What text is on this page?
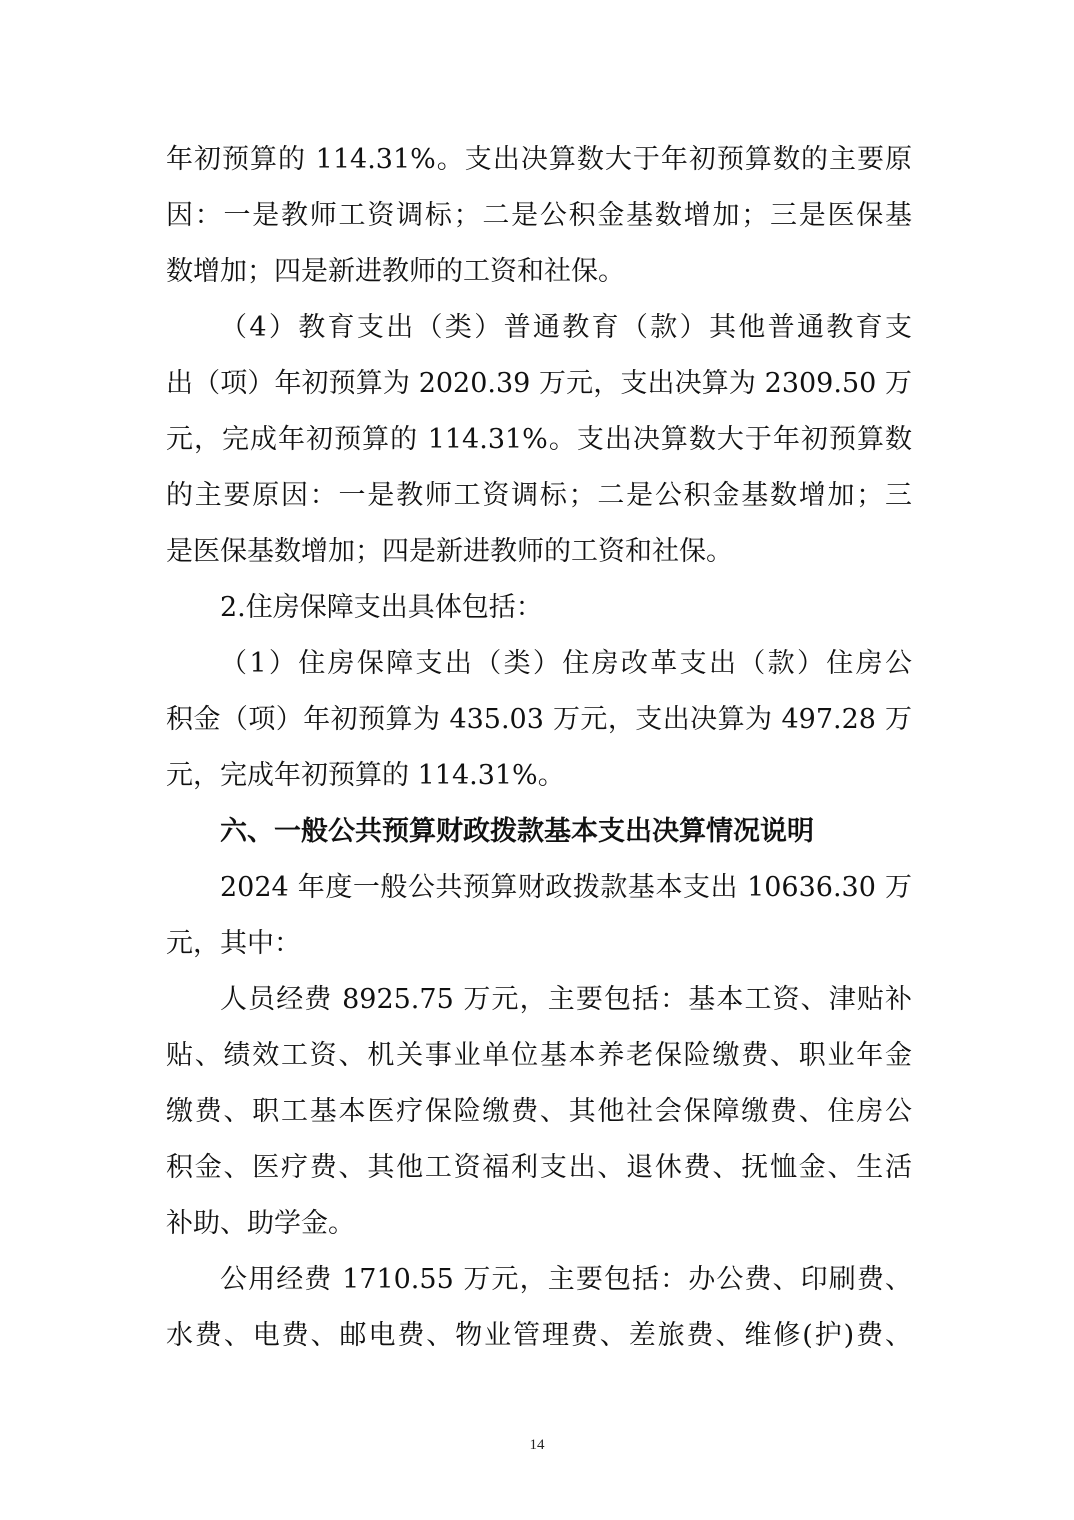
年初预算的 114.31%。支出决算数大于年初预算数的主要原
因：一是教师工资调标；二是公积金基数增加；三是医保基
数增加；四是新进教师的工资和社保。
（4）教育支出（类）普通教育（款）其他普通教育支
出（项）年初预算为 2020.39 万元，支出决算为 2309.50 万
元，完成年初预算的 114.31%。支出决算数大于年初预算数
的主要原因：一是教师工资调标；二是公积金基数增加；三
是医保基数增加；四是新进教师的工资和社保。
2.住房保障支出具体包括：
（1）住房保障支出（类）住房改革支出（款）住房公
积金（项）年初预算为 435.03 万元，支出决算为 497.28 万
元，完成年初预算的 114.31%。
六、一般公共预算财政拨款基本支出决算情况说明
2024 年度一般公共预算财政拨款基本支出 10636.30 万
元，其中：
人员经费 8925.75 万元，主要包括：基本工资、津贴补
贴、绩效工资、机关事业单位基本养老保险缴费、职业年金
缴费、职工基本医疗保险缴费、其他社会保障缴费、住房公
积金、医疗费、其他工资福利支出、退休费、抚恤金、生活
补助、助学金。
公用经费 1710.55 万元，主要包括：办公费、印刷费、
水费、电费、邮电费、物业管理费、差旅费、维修(护)费、
14
